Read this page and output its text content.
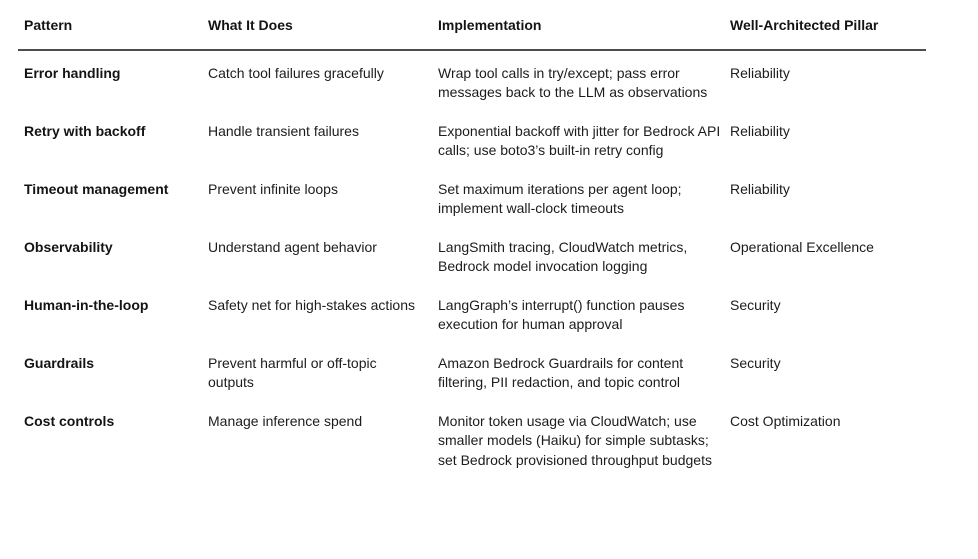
Pattern	What It Does	Implementation	Well-Architected Pillar
Error handling	Catch tool failures gracefully	Wrap tool calls in try/except; pass error messages back to the LLM as observations	Reliability
Retry with backoff	Handle transient failures	Exponential backoff with jitter for Bedrock API calls; use boto3’s built-in retry config	Reliability
Timeout management	Prevent infinite loops	Set maximum iterations per agent loop; implement wall-clock timeouts	Reliability
Observability	Understand agent behavior	LangSmith tracing, CloudWatch metrics, Bedrock model invocation logging	Operational Excellence
Human-in-the-loop	Safety net for high-stakes actions	LangGraph’s interrupt() function pauses execution for human approval	Security
Guardrails	Prevent harmful or off-topic outputs	Amazon Bedrock Guardrails for content filtering, PII redaction, and topic control	Security
Cost controls	Manage inference spend	Monitor token usage via CloudWatch; use smaller models (Haiku) for simple subtasks; set Bedrock provisioned throughput budgets	Cost Optimization
